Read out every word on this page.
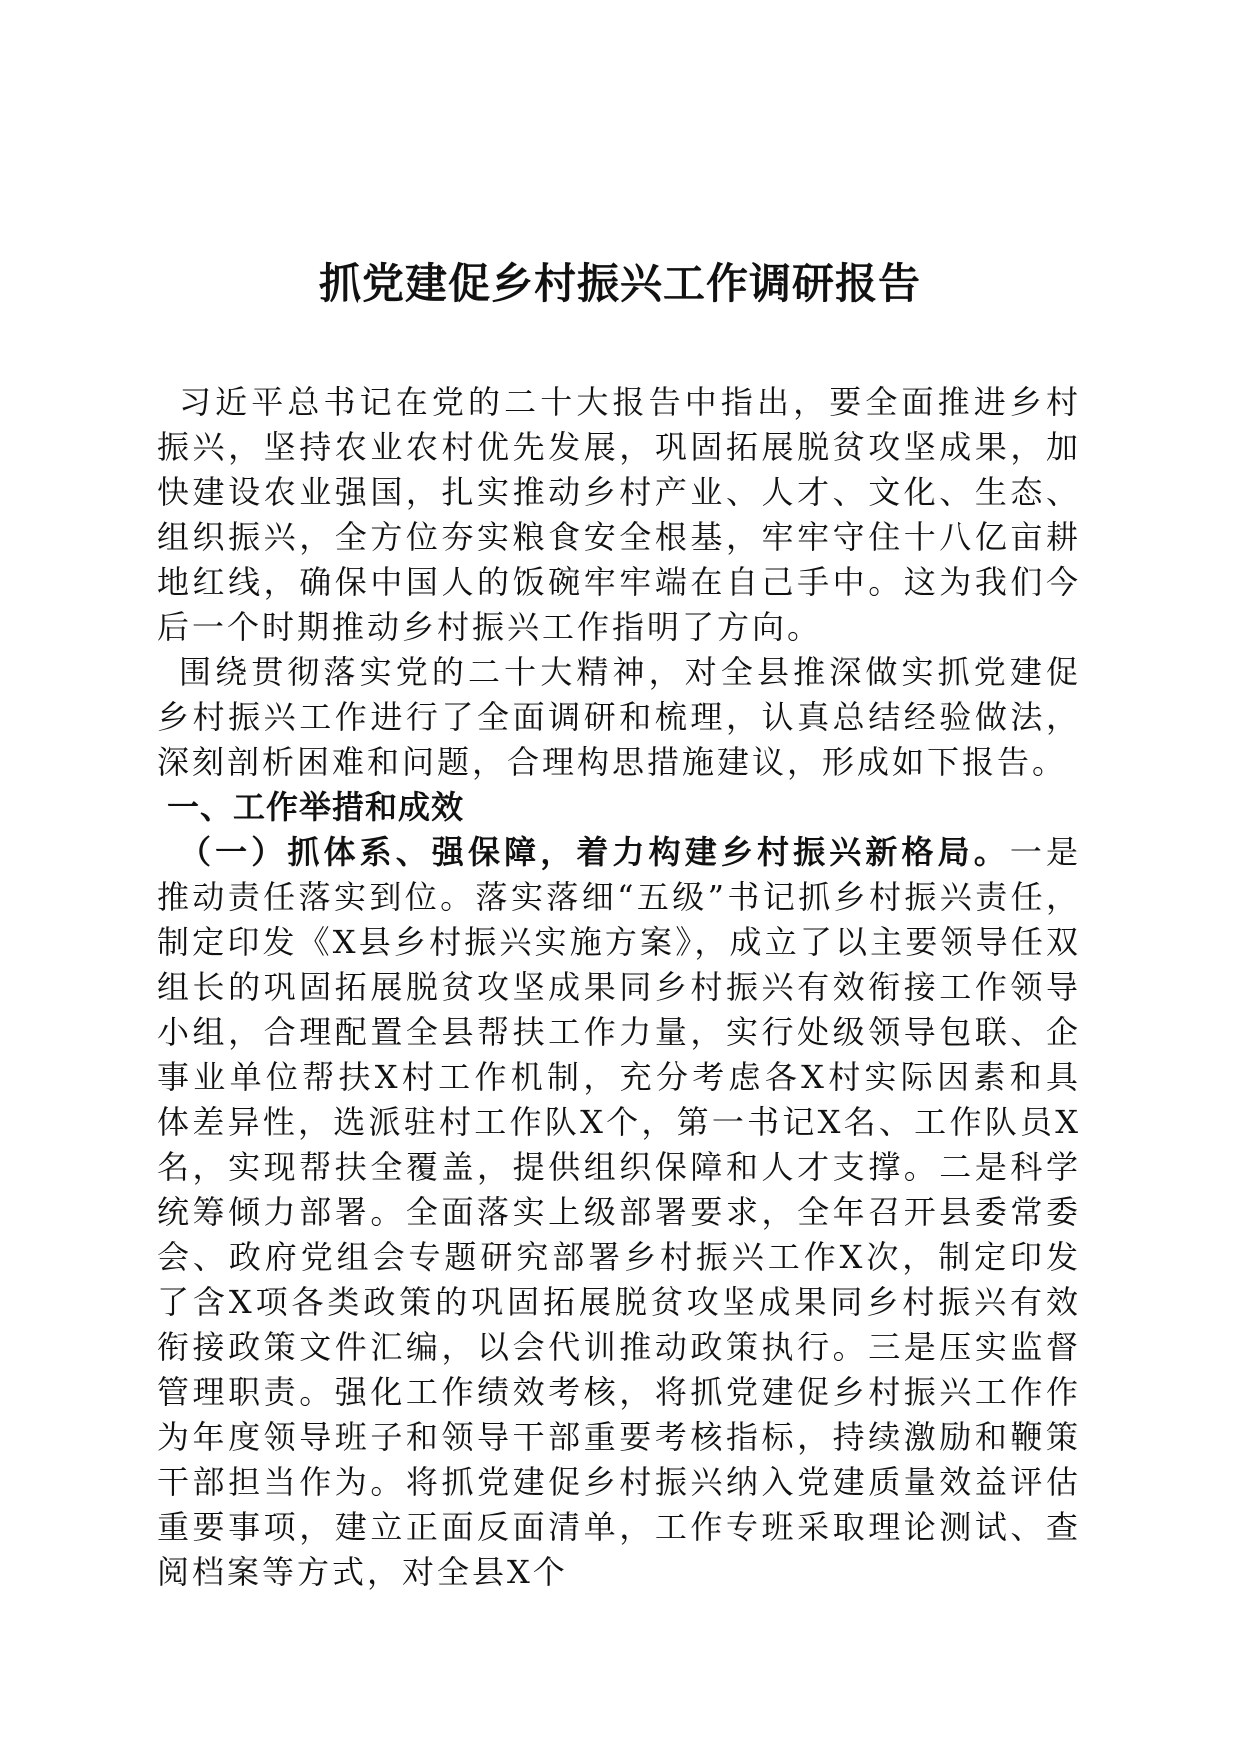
抓党建促乡村振兴工作调研报告

习近平总书记在党的二十大报告中指出，要全面推进乡村振兴，坚持农业农村优先发展，巩固拓展脱贫攻坚成果，加快建设农业强国，扎实推动乡村产业、人才、文化、生态、组织振兴，全方位夯实粮食安全根基，牢牢守住十八亿亩耕地红线，确保中国人的饭碗牢牢端在自己手中。这为我们今后一个时期推动乡村振兴工作指明了方向。

围绕贯彻落实党的二十大精神，对全县推深做实抓党建促乡村振兴工作进行了全面调研和梳理，认真总结经验做法，深刻剖析困难和问题，合理构思措施建议，形成如下报告。

一、工作举措和成效

（一）抓体系、强保障，着力构建乡村振兴新格局。一是推动责任落实到位。落实落细“五级”书记抓乡村振兴责任，制定印发《X县乡村振兴实施方案》，成立了以主要领导任双组长的巩固拓展脱贫攻坚成果同乡村振兴有效衔接工作领导小组，合理配置全县帮扶工作力量，实行处级领导包联、企事业单位帮扶X村工作机制，充分考虑各X村实际因素和具体差异性，选派驻村工作队X个，第一书记X名、工作队员X名，实现帮扶全覆盖，提供组织保障和人才支撑。二是科学统筹倾力部署。全面落实上级部署要求，全年召开县委常委会、政府党组会专题研究部署乡村振兴工作X次，制定印发了含X项各类政策的巩固拓展脱贫攻坚成果同乡村振兴有效衔接政策文件汇编，以会代训推动政策执行。三是压实监督管理职责。强化工作绩效考核，将抓党建促乡村振兴工作作为年度领导班子和领导干部重要考核指标，持续激励和鞭策干部担当作为。将抓党建促乡村振兴纳入党建质量效益评估重要事项，建立正面反面清单，工作专班采取理论测试、查阅档案等方式，对全县X个
